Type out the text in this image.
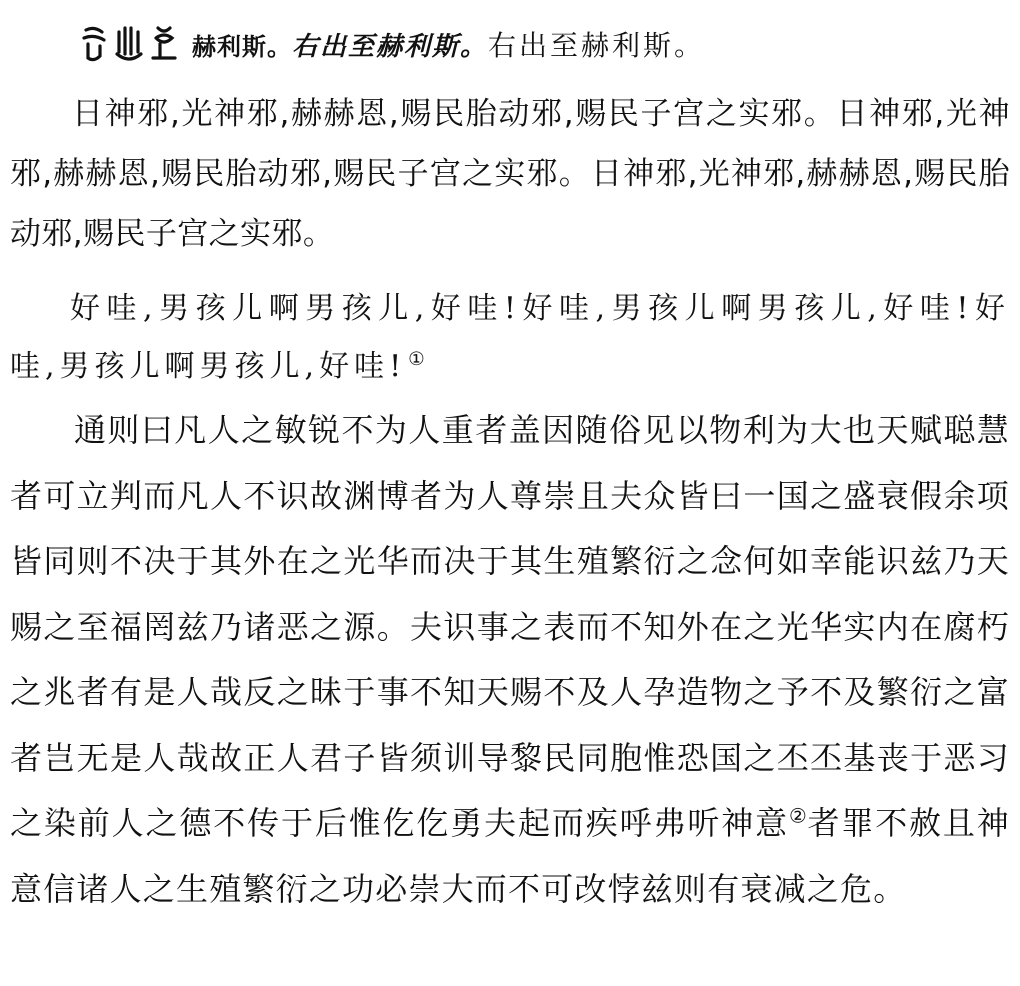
赫利斯。 右出至赫利斯。 右出至赫利斯。

日神邪,光神邪,赫赫恩,赐民胎动邪,赐民子宫之实邪。日神邪,光神邪,赫赫恩,赐民胎动邪,赐民子宫之实邪。日神邪,光神邪,赫赫恩,赐民胎动邪,赐民子宫之实邪。

好哇,男孩儿啊男孩儿,好哇!好哇,男孩儿啊男孩儿,好哇!好哇,男孩儿啊男孩儿,好哇! ①

通则曰凡人之敏锐不为人重者盖因随俗见以物利为大也天赋聪慧者可立判而凡人不识故渊博者为人尊崇且夫众皆曰一国之盛衰假余项皆同则不决于其外在之光华而决于其生殖繁衍之念何如幸能识兹乃天赐之至福罔兹乃诸恶之源。夫识事之表而不知外在之光华实内在腐朽之兆者有是人哉反之昧于事不知天赐不及人孕造物之予不及繁衍之富者岂无是人哉故正人君子皆须训导黎民同胞惟恐国之丕丕基丧于恶习之染前人之德不传于后惟仡仡勇夫起而疾呼弗听神意②者罪不赦且神意信诸人之生殖繁衍之功必崇大而不可改悖兹则有衰减之危。
